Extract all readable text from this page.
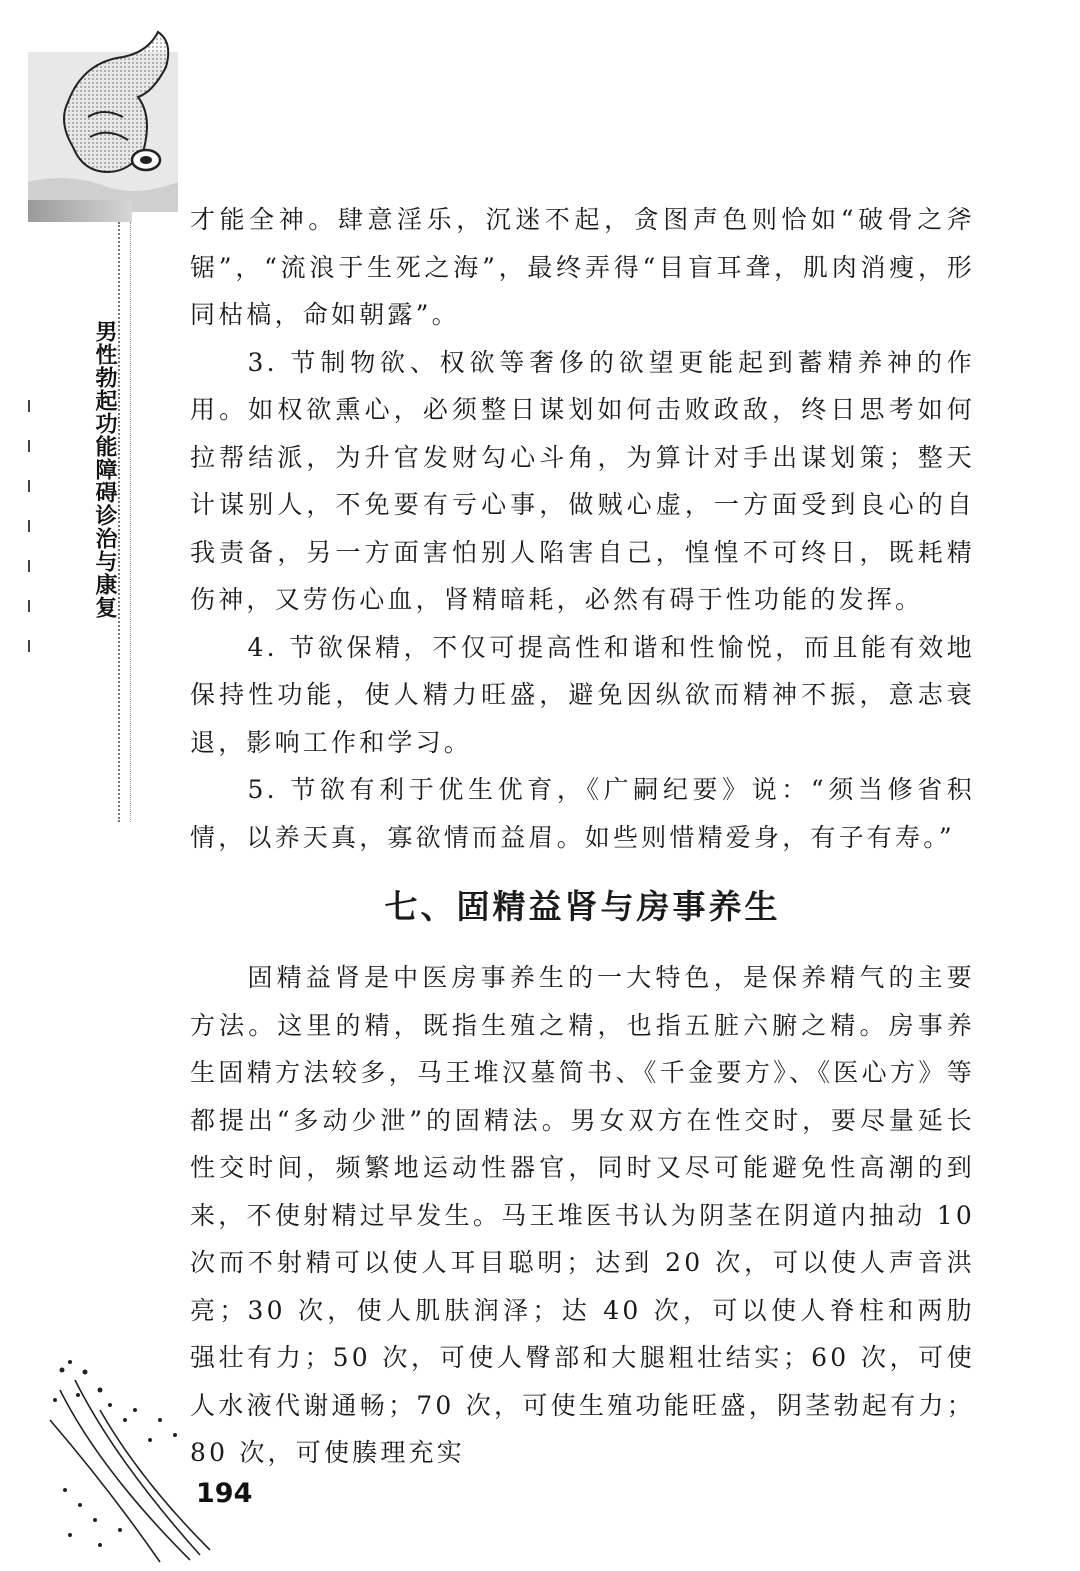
男性勃起功能障碍诊治与康复

才能全神。肆意淫乐，沉迷不起，贪图声色则恰如“破骨之斧锯”，“流浪于生死之海”，最终弄得“目盲耳聋，肌肉消瘦，形同枯槁，命如朝露”。

3. 节制物欲、权欲等奢侈的欲望更能起到蓄精养神的作用。如权欲熏心，必须整日谋划如何击败政敌，终日思考如何拉帮结派，为升官发财勾心斗角，为算计对手出谋划策；整天计谋别人，不免要有亏心事，做贼心虚，一方面受到良心的自我责备，另一方面害怕别人陷害自己，惶惶不可终日，既耗精伤神，又劳伤心血，肾精暗耗，必然有碍于性功能的发挥。

4. 节欲保精，不仅可提高性和谐和性愉悦，而且能有效地保持性功能，使人精力旺盛，避免因纵欲而精神不振，意志衰退，影响工作和学习。

5. 节欲有利于优生优育，《广嗣纪要》说：“须当修省积情，以养天真，寡欲情而益眉。如些则惜精爱身，有子有寿。”

七、固精益肾与房事养生

固精益肾是中医房事养生的一大特色，是保养精气的主要方法。这里的精，既指生殖之精，也指五脏六腑之精。房事养生固精方法较多，马王堆汉墓简书、《千金要方》、《医心方》等都提出“多动少泄”的固精法。男女双方在性交时，要尽量延长性交时间，频繁地运动性器官，同时又尽可能避免性高潮的到来，不使射精过早发生。马王堆医书认为阴茎在阴道内抽动 10 次而不射精可以使人耳目聪明；达到 20 次，可以使人声音洪亮；30 次，使人肌肤润泽；达 40 次，可以使人脊柱和两肋强壮有力；50 次，可使人臀部和大腿粗壮结实；60 次，可使人水液代谢通畅；70 次，可使生殖功能旺盛，阴茎勃起有力；80 次，可使腠理充实

194
